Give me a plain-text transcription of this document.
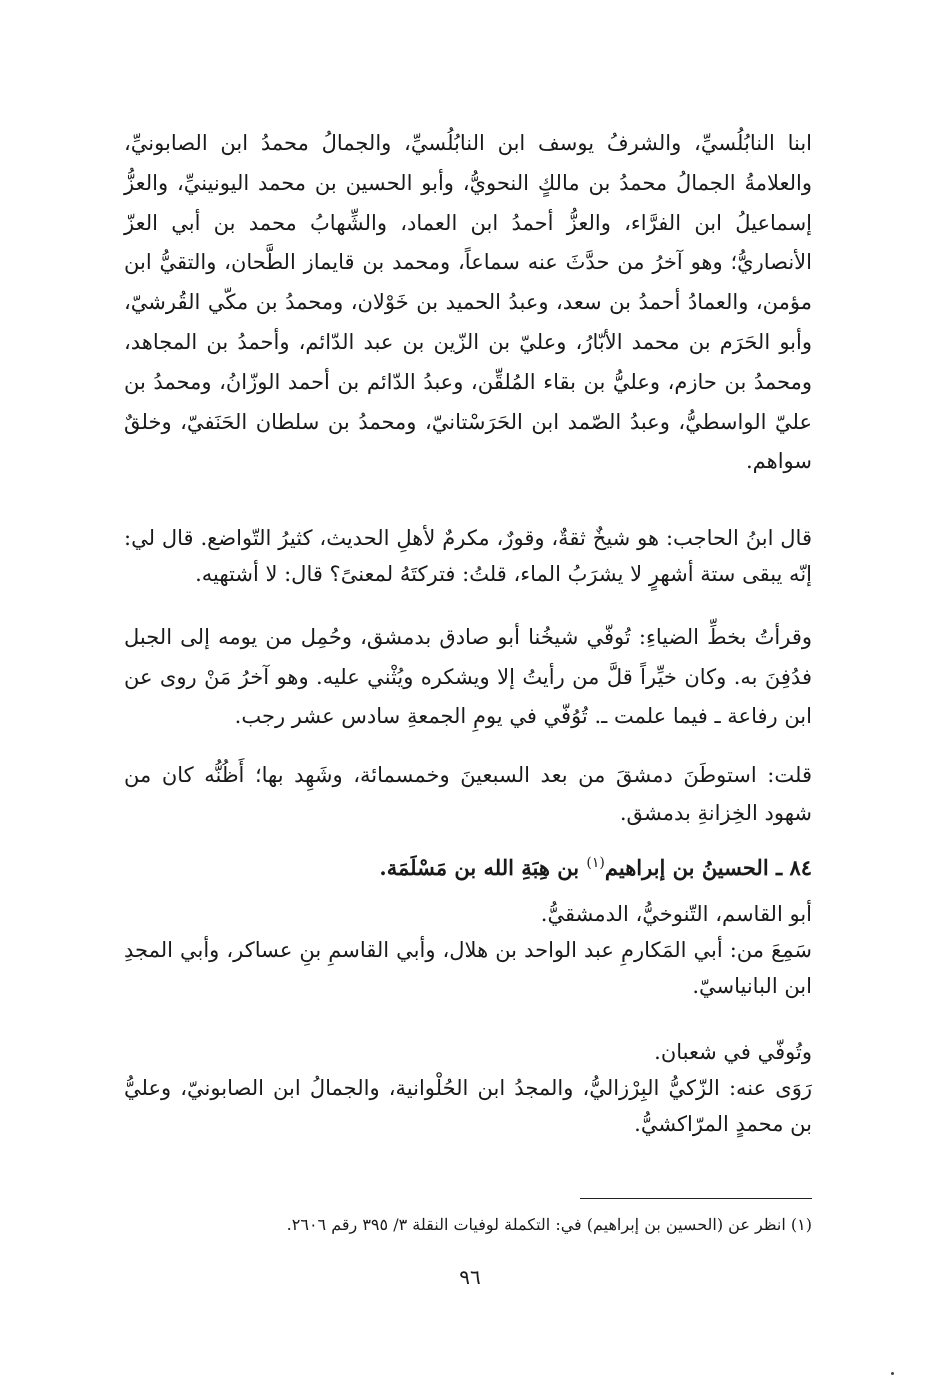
ابنا النابُلُسيِّ، والشرفُ يوسف ابن النابُلُسيِّ، والجمالُ محمدُ ابن الصابونيِّ، والعلامةُ الجمالُ محمدُ بن مالكٍ النحويُّ، وأبو الحسين بن محمد اليونينيِّ، والعزُّ إسماعيلُ ابن الفرَّاء، والعزُّ أحمدُ ابن العماد، والشِّهابُ محمد بن أبي العزّ الأنصاريُّ؛ وهو آخرُ من حدَّثَ عنه سماعاً، ومحمد بن قايماز الطَّحان، والتقيُّ ابن مؤمن، والعمادُ أحمدُ بن سعد، وعبدُ الحميد بن خَوْلان، ومحمدُ بن مكّي القُرشيّ، وأبو الحَرَم بن محمد الأبّارُ، وعليّ بن الزّين بن عبد الدّائم، وأحمدُ بن المجاهد، ومحمدُ بن حازم، وعليُّ بن بقاء المُلقِّن، وعبدُ الدّائم بن أحمد الوزّانُ، ومحمدُ بن عليّ الواسطيُّ، وعبدُ الصّمد ابن الحَرَسْتانيّ، ومحمدُ بن سلطان الحَنَفيّ، وخلقٌ سواهم.

قال ابنُ الحاجب: هو شيخٌ ثقةٌ، وقورٌ، مكرمٌ لأهلِ الحديث، كثيرُ التّواضع. قال لي: إنّه يبقى ستة أشهرٍ لا يشرَبُ الماء، قلتُ: فتركتَهُ لمعنىً؟ قال: لا أشتهيه.

وقرأتُ بخطِّ الضياءِ: تُوفّي شيخُنا أبو صادق بدمشق، وحُمِل من يومه إلى الجبل فدُفِنَ به. وكان خيِّراً قلَّ من رأيتُ إلا ويشكره ويُثْني عليه. وهو آخرُ مَنْ روى عن ابن رفاعة ـ فيما علمت ـ. تُوُفّي في يومِ الجمعةِ سادس عشر رجب.

قلت: استوطَنَ دمشقَ من بعد السبعينَ وخمسمائة، وشَهِد بها؛ أَظُنُّه كان من شهود الخِزانةِ بدمشق.

٨٤ ـ الحسينُ بن إبراهيم$^{(١)}$ بن هِبَةِ الله بن مَسْلَمَة.

أبو القاسم، التّنوخيُّ، الدمشقيُّ.

سَمِعَ من: أبي المَكارمِ عبد الواحد بن هلال، وأبي القاسمِ بنِ عساكر، وأبي المجدِ ابن البانياسيّ.

وتُوفّي في شعبان.

رَوَى عنه: الزّكيُّ البِرْزاليُّ، والمجدُ ابن الحُلْوانية، والجمالُ ابن الصابونيّ، وعليُّ بن محمدٍ المرّاكشيُّ.

(١) انظر عن (الحسين بن إبراهيم) في: التكملة لوفيات النقلة ٣/ ٣٩٥ رقم ٢٦٠٦.

٩٦
